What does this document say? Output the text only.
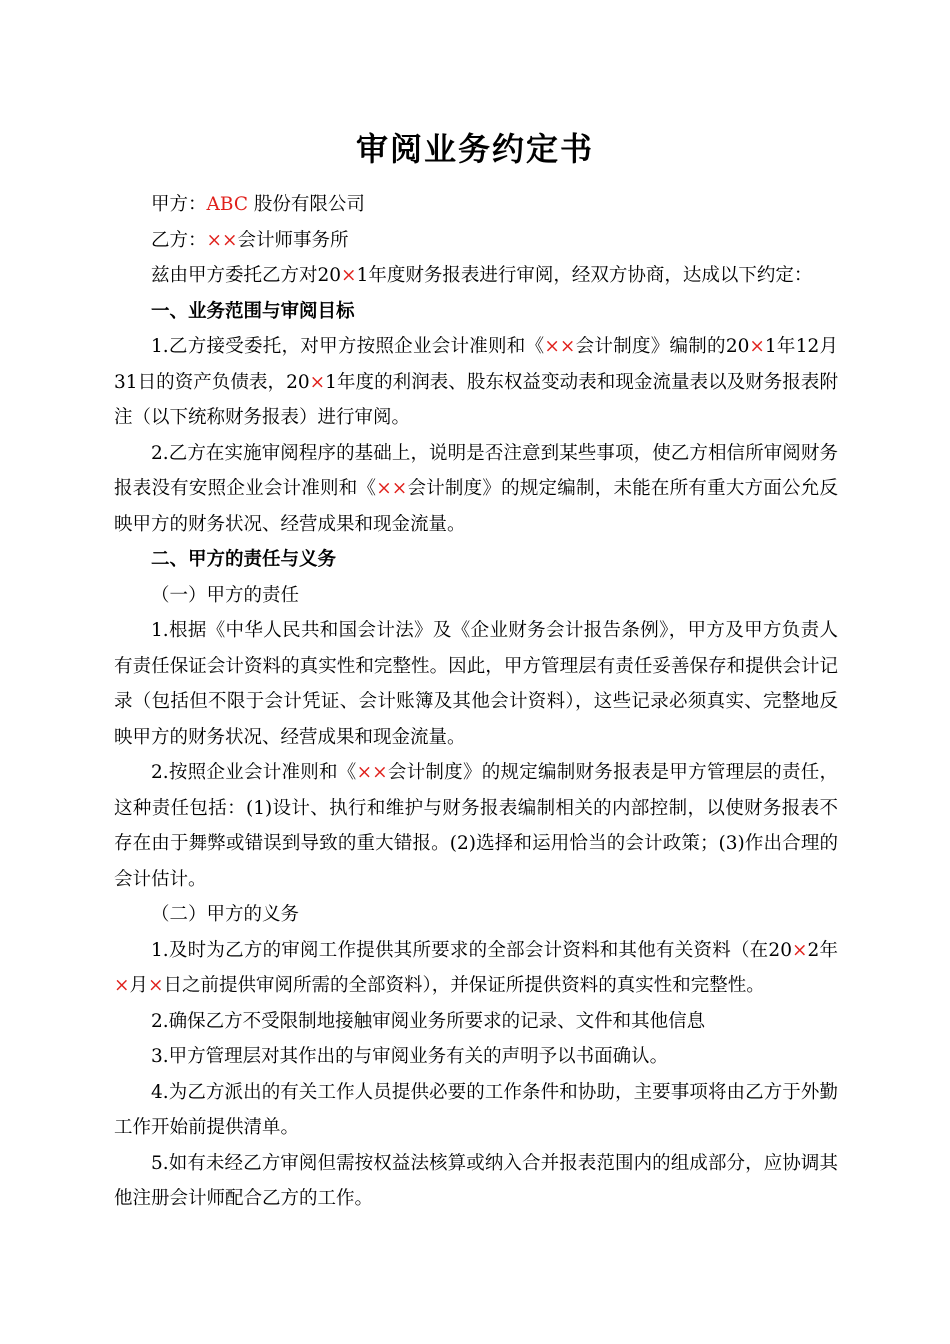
审阅业务约定书

甲方：ABC 股份有限公司

乙方：××会计师事务所

兹由甲方委托乙方对20×1年度财务报表进行审阅，经双方协商，达成以下约定：

一、业务范围与审阅目标

1.乙方接受委托，对甲方按照企业会计准则和《××会计制度》编制的20×1年12月31日的资产负债表，20×1年度的利润表、股东权益变动表和现金流量表以及财务报表附注（以下统称财务报表）进行审阅。

2.乙方在实施审阅程序的基础上，说明是否注意到某些事项，使乙方相信所审阅财务报表没有安照企业会计准则和《××会计制度》的规定编制，未能在所有重大方面公允反映甲方的财务状况、经营成果和现金流量。

二、甲方的责任与义务

（一）甲方的责任

1.根据《中华人民共和国会计法》及《企业财务会计报告条例》，甲方及甲方负责人有责任保证会计资料的真实性和完整性。因此，甲方管理层有责任妥善保存和提供会计记录（包括但不限于会计凭证、会计账簿及其他会计资料），这些记录必须真实、完整地反映甲方的财务状况、经营成果和现金流量。

2.按照企业会计准则和《××会计制度》的规定编制财务报表是甲方管理层的责任，这种责任包括：(1)设计、执行和维护与财务报表编制相关的内部控制，以使财务报表不存在由于舞弊或错误到导致的重大错报。(2)选择和运用恰当的会计政策；(3)作出合理的会计估计。

（二）甲方的义务

1.及时为乙方的审阅工作提供其所要求的全部会计资料和其他有关资料（在20×2年×月×日之前提供审阅所需的全部资料），并保证所提供资料的真实性和完整性。

2.确保乙方不受限制地接触审阅业务所要求的记录、文件和其他信息

3.甲方管理层对其作出的与审阅业务有关的声明予以书面确认。

4.为乙方派出的有关工作人员提供必要的工作条件和协助，主要事项将由乙方于外勤工作开始前提供清单。

5.如有未经乙方审阅但需按权益法核算或纳入合并报表范围内的组成部分，应协调其他注册会计师配合乙方的工作。
